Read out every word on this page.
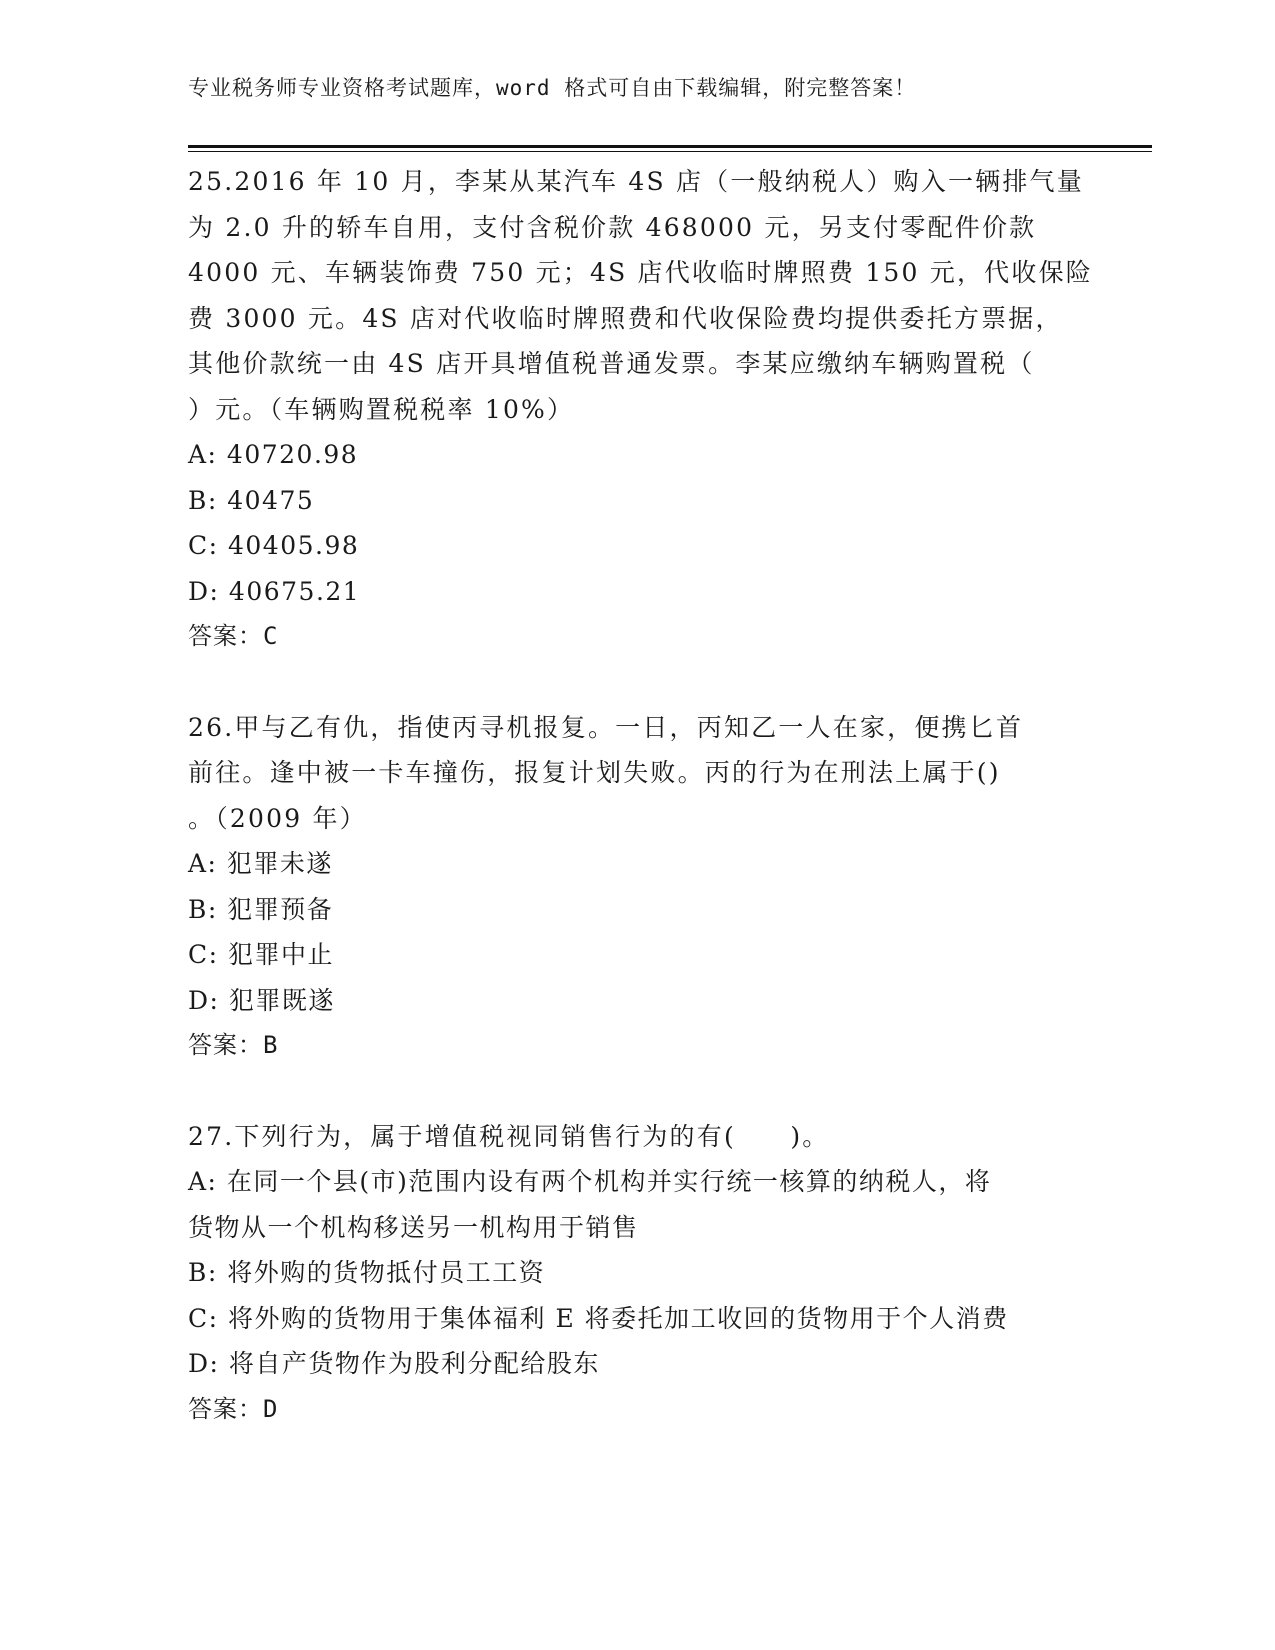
专业税务师专业资格考试题库，word 格式可自由下载编辑，附完整答案！
25.2016 年 10 月，李某从某汽车 4S 店（一般纳税人）购入一辆排气量
为 2.0 升的轿车自用，支付含税价款 468000 元，另支付零配件价款
4000 元、车辆装饰费 750 元；4S 店代收临时牌照费 150 元，代收保险
费 3000 元。4S 店对代收临时牌照费和代收保险费均提供委托方票据，
其他价款统一由 4S 店开具增值税普通发票。李某应缴纳车辆购置税（
）元。（车辆购置税税率 10%）
A: 40720.98
B: 40475
C: 40405.98
D: 40675.21
答案：C
26.甲与乙有仇，指使丙寻机报复。一日，丙知乙一人在家，便携匕首
前往。逢中被一卡车撞伤，报复计划失败。丙的行为在刑法上属于()
。（2009 年）
A: 犯罪未遂
B: 犯罪预备
C: 犯罪中止
D: 犯罪既遂
答案：B
27.下列行为，属于增值税视同销售行为的有(　　)。
A: 在同一个县(市)范围内设有两个机构并实行统一核算的纳税人，将
货物从一个机构移送另一机构用于销售
B: 将外购的货物抵付员工工资
C: 将外购的货物用于集体福利 E 将委托加工收回的货物用于个人消费
D: 将自产货物作为股利分配给股东
答案：D
